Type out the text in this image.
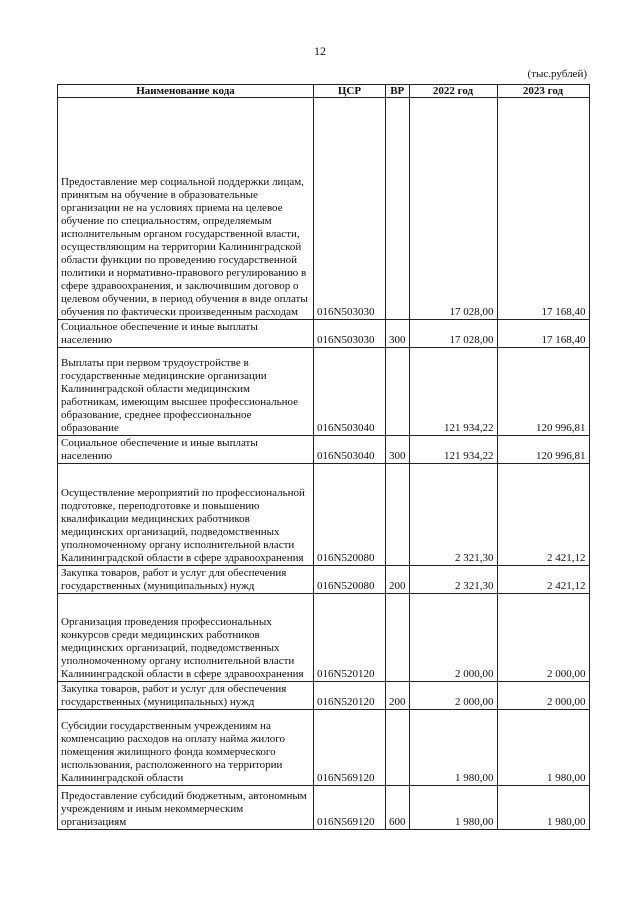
12
(тыс.рублей)
Наименование кода	ЦСР	ВР	2022 год	2023 год
Предоставление мер социальной поддержки лицам, принятым на обучение в образовательные организации не на условиях приема на целевое обучение по специальностям, определяемым исполнительным органом государственной власти, осуществляющим на территории Калининградской области функции по проведению государственной политики и нормативно-правового регулированию в сфере здравоохранения, и заключившим договор о целевом обучении, в период обучения в виде оплаты обучения по фактически произведенным расходам	016N503030		17 028,00	17 168,40
Социальное обеспечение и иные выплаты населению	016N503030	300	17 028,00	17 168,40
Выплаты при первом трудоустройстве в государственные медицинские организации Калининградской области медицинским работникам, имеющим высшее профессиональное образование, среднее профессиональное образование	016N503040		121 934,22	120 996,81
Социальное обеспечение и иные выплаты населению	016N503040	300	121 934,22	120 996,81
Осуществление мероприятий по профессиональной подготовке, переподготовке и повышению квалификации медицинских работников медицинских организаций, подведомственных уполномоченному органу исполнительной власти Калининградской области в сфере здравоохранения	016N520080		2 321,30	2 421,12
Закупка товаров, работ и услуг для обеспечения государственных (муниципальных) нужд	016N520080	200	2 321,30	2 421,12
Организация проведения профессиональных конкурсов среди медицинских работников медицинских организаций, подведомственных уполномоченному органу исполнительной власти Калининградской области в сфере здравоохранения	016N520120		2 000,00	2 000,00
Закупка товаров, работ и услуг для обеспечения государственных (муниципальных) нужд	016N520120	200	2 000,00	2 000,00
Субсидии государственным учреждениям на компенсацию расходов на оплату найма жилого помещения жилищного фонда коммерческого использования, расположенного на территории Калининградской области	016N569120		1 980,00	1 980,00
Предоставление субсидий бюджетным, автономным учреждениям и иным некоммерческим организациям	016N569120	600	1 980,00	1 980,00
